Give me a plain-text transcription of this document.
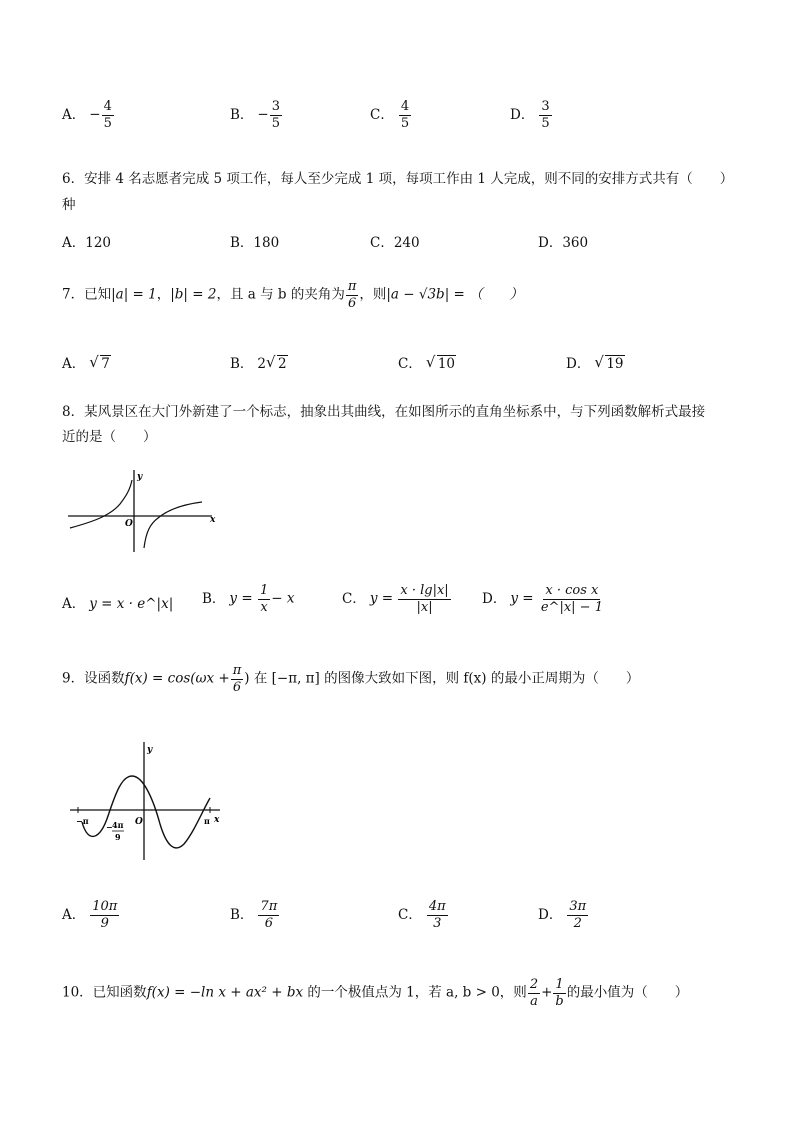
A． − $\frac{4}{5}$	B． − $\frac{3}{5}$	C． $\frac{4}{5}$	D． $\frac{3}{5}$
6．安排 4 名志愿者完成 5 项工作，每人至少完成 1 项，每项工作由 1 人完成，则不同的安排方式共有（　　）
种
A．120	B．180	C．240	D．360
7．已知|a| = 1，|b| = 2，且 a 与 b 的夹角为 $\frac{\pi}{6}$ ，则|a − √3b| = （　　）
A． √ 7	B． 2 √ 2	C． √ 10	D． √ 19
8．某风景区在大门外新建了一个标志，抽象出其曲线，在如图所示的直角坐标系中，与下列函数解析式最接
近的是（　　）
y
x
O
A． y = x · e^|x| B． $y = \frac{1}{x} - x$	C． $y = \frac{x \cdot \lg|x|}{|x|}$ D． $y = \frac{\text{x · cos x}}{e\^{}|x| - 1}$
9．设函数$f(x) = \cos(\omega x + \frac{\pi}{6}$ ) 在 [−π, π] 的图像大致如下图，则 f(x) 的最小正周期为（　　）
y
x
O
−π	π
− 4π
9
A． $\frac{10\pi}{9}$	B． $\frac{7\pi}{6}$	C． $\frac{4\pi}{3}$	D． $\frac{3\pi}{2}$
10．已知函数f(x) = −ln x + ax² + bx 的一个极值点为 1，若 a, b > 0，则 $\frac{2}{a} + \frac{1}{b}$ 的最小值为（　　）
